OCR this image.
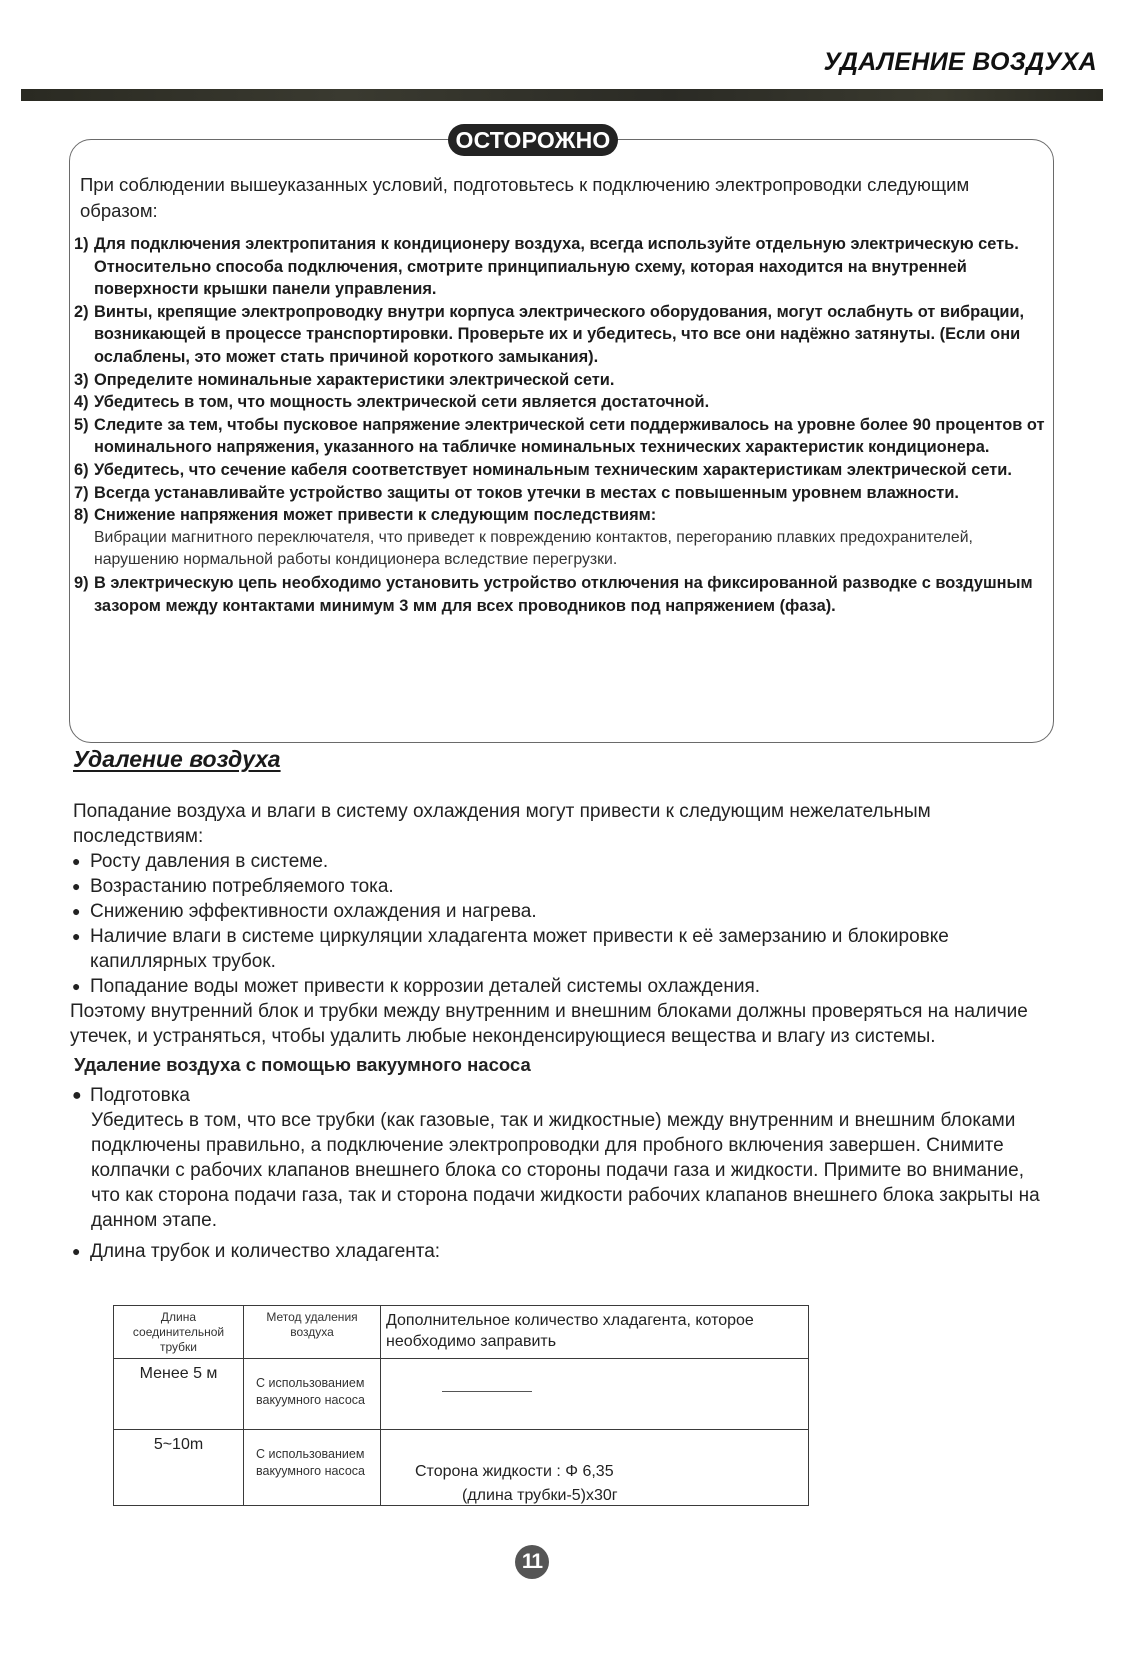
УДАЛЕНИЕ ВОЗДУХА
ОСТОРОЖНО
При соблюдении вышеуказанных условий, подготовьтесь к подключению электропроводки следующим образом:
1) Для подключения электропитания к кондиционеру воздуха, всегда используйте отдельную электрическую сеть. Относительно способа подключения, смотрите принципиальную схему, которая находится на внутренней поверхности крышки панели управления.
2) Винты, крепящие электропроводку внутри корпуса электрического оборудования, могут ослабнуть от вибрации, возникающей в процессе транспортировки. Проверьте их и убедитесь, что все они надёжно затянуты. (Если они ослаблены, это может стать причиной короткого замыкания).
3) Определите номинальные характеристики электрической сети.
4) Убедитесь в том, что мощность электрической сети является достаточной.
5) Следите за тем, чтобы пусковое напряжение электрической сети поддерживалось на уровне более 90 процентов от номинального напряжения, указанного на табличке номинальных технических характеристик кондиционера.
6) Убедитесь, что сечение кабеля соответствует номинальным техническим характеристикам электрической сети.
7) Всегда устанавливайте устройство защиты от токов утечки в местах с повышенным уровнем влажности.
8) Снижение напряжения может привести к следующим последствиям:
Вибрации магнитного переключателя, что приведет к повреждению контактов, перегоранию плавких предохранителей, нарушению нормальной работы кондиционера вследствие перегрузки.
9) В электрическую цепь необходимо установить устройство отключения на фиксированной разводке с воздушным зазором между контактами минимум 3 мм для всех проводников под напряжением (фаза).
Удаление воздуха
Попадание воздуха и влаги в систему охлаждения могут привести к следующим нежелательным последствиям:
● Росту давления в системе.
● Возрастанию потребляемого тока.
● Снижению эффективности охлаждения и нагрева.
● Наличие влаги в системе циркуляции хладагента может привести к её замерзанию и блокировке капиллярных трубок.
● Попадание воды может привести к коррозии деталей системы охлаждения.
Поэтому внутренний блок и трубки между внутренним и внешним блоками должны проверяться на наличие утечек, и устраняться, чтобы удалить любые неконденсирующиеся вещества и влагу из системы.
Удаление воздуха с помощью вакуумного насоса
● Подготовка
Убедитесь в том, что все трубки (как газовые, так и жидкостные) между внутренним и внешним блоками подключены правильно, а подключение электропроводки для пробного включения завершен. Снимите колпачки с рабочих клапанов внешнего блока со стороны подачи газа и жидкости. Примите во внимание, что как сторона подачи газа, так и сторона подачи жидкости рабочих клапанов внешнего блока закрыты на данном этапе.
● Длина трубок и количество хладагента:
Длина соединительной трубки	Метод удаления воздуха	Дополнительное количество хладагента, которое необходимо заправить
Менее 5 м	С использованием вакуумного насоса	

5~10m	С использованием вакуумного насоса	Сторона жидкости : Φ 6,35
(длина трубки-5)x30г
11
